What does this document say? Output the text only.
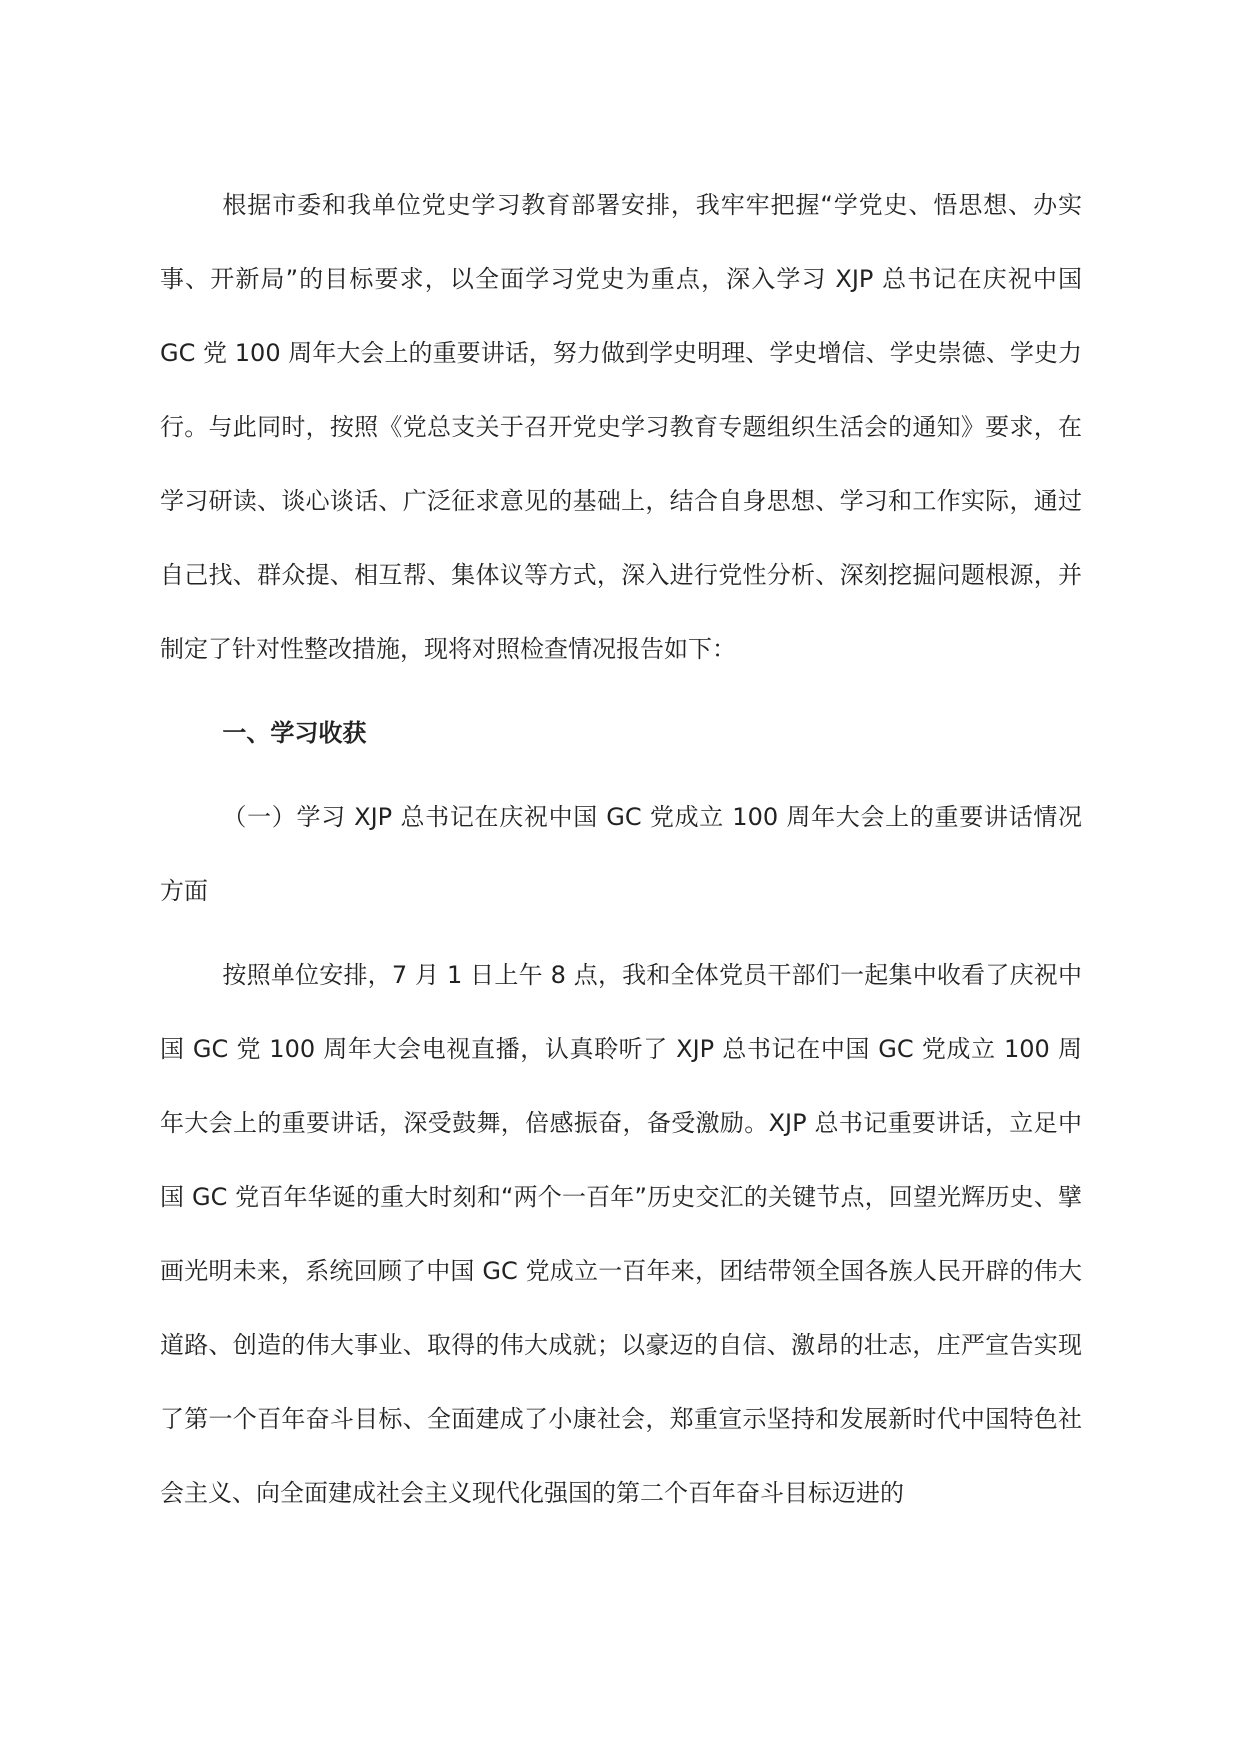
根据市委和我单位党史学习教育部署安排，我牢牢把握“学党史、悟思想、办实事、开新局”的目标要求，以全面学习党史为重点，深入学习 XJP 总书记在庆祝中国 GC 党 100 周年大会上的重要讲话，努力做到学史明理、学史增信、学史崇德、学史力行。与此同时，按照《党总支关于召开党史学习教育专题组织生活会的通知》要求，在学习研读、谈心谈话、广泛征求意见的基础上，结合自身思想、学习和工作实际，通过自己找、群众提、相互帮、集体议等方式，深入进行党性分析、深刻挖掘问题根源，并制定了针对性整改措施，现将对照检查情况报告如下：

一、学习收获

（一）学习 XJP 总书记在庆祝中国 GC 党成立 100 周年大会上的重要讲话情况方面

按照单位安排，7 月 1 日上午 8 点，我和全体党员干部们一起集中收看了庆祝中国 GC 党 100 周年大会电视直播，认真聆听了 XJP 总书记在中国 GC 党成立 100 周年大会上的重要讲话，深受鼓舞，倍感振奋，备受激励。XJP 总书记重要讲话，立足中国 GC 党百年华诞的重大时刻和“两个一百年”历史交汇的关键节点，回望光辉历史、擘画光明未来，系统回顾了中国 GC 党成立一百年来，团结带领全国各族人民开辟的伟大道路、创造的伟大事业、取得的伟大成就；以豪迈的自信、激昂的壮志，庄严宣告实现了第一个百年奋斗目标、全面建成了小康社会，郑重宣示坚持和发展新时代中国特色社会主义、向全面建成社会主义现代化强国的第二个百年奋斗目标迈进的
